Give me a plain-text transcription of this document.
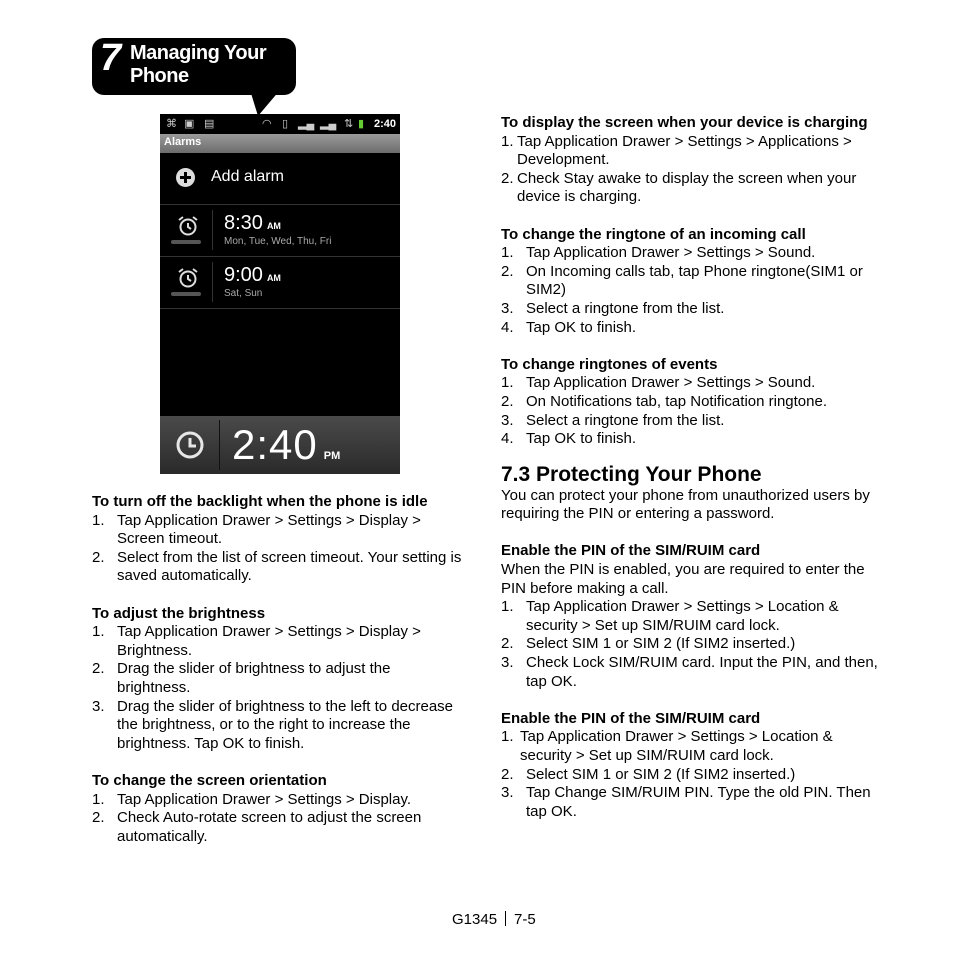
7 Managing Your Phone
⌘ ▣ ▤	◠ ▯ ▂▄ ▂▄ ⇅ ▮ 2:40
Alarms
Add alarm
8:30 AM
Mon, Tue, Wed, Thu, Fri
9:00 AM
Sat, Sun
2:40 PM

To turn off the backlight when the phone is idle

1. Tap Application Drawer > Settings > Display > Screen timeout.
2. Select from the list of screen timeout. Your setting is saved automatically.

To adjust the brightness

1. Tap Application Drawer > Settings > Display > Brightness.
2. Drag the slider of brightness to adjust the brightness.
3. Drag the slider of brightness to the left to decrease the brightness, or to the right to increase the brightness. Tap OK to finish.

To change the screen orientation

1. Tap Application Drawer > Settings > Display.
2. Check Auto-rotate screen to adjust the screen automatically.

To display the screen when your device is charging

1. Tap Application Drawer > Settings > Applications > Development.
2. Check Stay awake to display the screen when your device is charging.

To change the ringtone of an incoming call

1. Tap Application Drawer > Settings > Sound.
2. On Incoming calls tab, tap Phone ringtone(SIM1 or SIM2)
3. Select a ringtone from the list.
4. Tap OK to finish.

To change ringtones of events

1. Tap Application Drawer > Settings > Sound.
2. On Notifications tab, tap Notification ringtone.
3. Select a ringtone from the list.
4. Tap OK to finish.

7.3 Protecting Your Phone

You can protect your phone from unauthorized users by requiring the PIN or entering a password.

Enable the PIN of the SIM/RUIM card

When the PIN is enabled, you are required to enter the PIN before making a call.

1. Tap Application Drawer > Settings > Location & security > Set up SIM/RUIM card lock.
2. Select SIM 1 or SIM 2 (If SIM2 inserted.)
3. Check Lock SIM/RUIM card. Input the PIN, and then, tap OK.

Enable the PIN of the SIM/RUIM card

1. Tap Application Drawer > Settings > Location & security > Set up SIM/RUIM card lock.
2. Select SIM 1 or SIM 2 (If SIM2 inserted.)
3. Tap Change SIM/RUIM PIN. Type the old PIN. Then tap OK.
G1345 7-5
